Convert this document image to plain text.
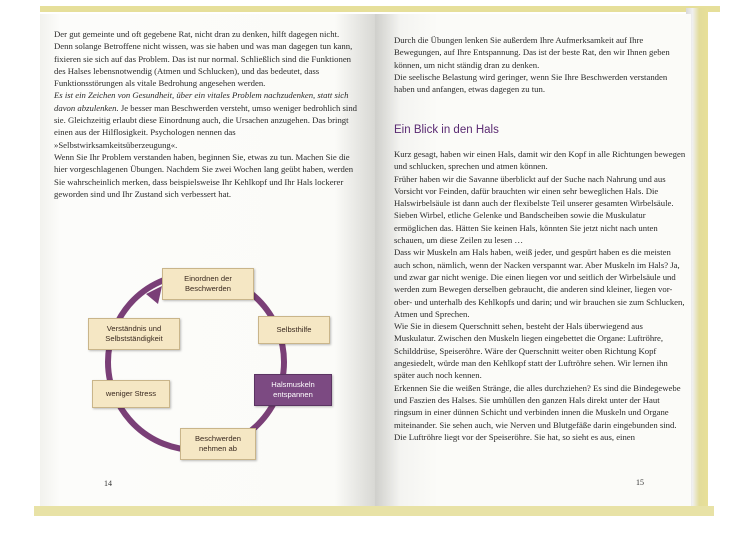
Der gut gemeinte und oft gegebene Rat, nicht dran zu denken, hilft dagegen nicht. Denn solange Betroffene nicht wissen, was sie haben und was man dagegen tun kann, fixieren sie sich auf das Problem. Das ist nur normal. Schließlich sind die Funktionen des Halses lebensnotwendig (Atmen und Schlucken), und das bedeutet, dass Funktionsstörungen als vitale Bedrohung angesehen werden.
Es ist ein Zeichen von Gesundheit, über ein vitales Problem nachzudenken, statt sich davon abzulenken. Je besser man Beschwerden versteht, umso weniger bedrohlich sind sie. Gleichzeitig erlaubt diese Einordnung auch, die Ursachen anzugehen. Das bringt einen aus der Hilflosigkeit. Psychologen nennen das »Selbstwirksamkeitsüberzeugung«.

Wenn Sie Ihr Problem verstanden haben, beginnen Sie, etwas zu tun. Machen Sie die hier vorgeschlagenen Übungen. Nachdem Sie zwei Wochen lang geübt haben, werden Sie wahrscheinlich merken, dass beispielsweise Ihr Kehlkopf und Ihr Hals lockerer geworden sind und Ihr Zustand sich verbessert hat.

Einordnen der Beschwerden
Selbsthilfe
Halsmuskeln entspannen
Beschwerden nehmen ab
weniger Stress
Verständnis und Selbstständigkeit
14

Durch die Übungen lenken Sie außerdem Ihre Aufmerksamkeit auf Ihre Bewegungen, auf Ihre Entspannung. Das ist der beste Rat, den wir Ihnen geben können, um nicht ständig dran zu denken.

Die seelische Belastung wird geringer, wenn Sie Ihre Beschwerden verstanden haben und anfangen, etwas dagegen zu tun.

Ein Blick in den Hals

Kurz gesagt, haben wir einen Hals, damit wir den Kopf in alle Richtungen bewegen und schlucken, sprechen und atmen können.

Früher haben wir die Savanne überblickt auf der Suche nach Nahrung und aus Vorsicht vor Feinden, dafür brauchten wir einen sehr beweglichen Hals. Die Halswirbelsäule ist dann auch der flexibelste Teil unserer gesamten Wirbelsäule. Sieben Wirbel, etliche Gelenke und Bandscheiben sowie die Muskulatur ermöglichen das. Hätten Sie keinen Hals, könnten Sie jetzt nicht nach unten schauen, um diese Zeilen zu lesen …

Dass wir Muskeln am Hals haben, weiß jeder, und gespürt haben es die meisten auch schon, nämlich, wenn der Nacken verspannt war. Aber Muskeln im Hals? Ja, und zwar gar nicht wenige. Die einen liegen vor und seitlich der Wirbelsäule und werden zum Bewegen derselben gebraucht, die anderen sind kleiner, liegen vor-ober- und unterhalb des Kehlkopfs und darin; und wir brauchen sie zum Schlucken, Atmen und Sprechen.

Wie Sie in diesem Querschnitt sehen, besteht der Hals überwiegend aus Muskulatur. Zwischen den Muskeln liegen eingebettet die Organe: Luftröhre, Schilddrüse, Speiseröhre. Wäre der Querschnitt weiter oben Richtung Kopf angesiedelt, würde man den Kehlkopf statt der Luftröhre sehen. Wir lernen ihn später auch noch kennen.

Erkennen Sie die weißen Stränge, die alles durchziehen? Es sind die Bindegewebe und Faszien des Halses. Sie umhüllen den ganzen Hals direkt unter der Haut ringsum in einer dünnen Schicht und verbinden innen die Muskeln und Organe miteinander. Sie sehen auch, wie Nerven und Blutgefäße darin eingebunden sind.

Die Luftröhre liegt vor der Speiseröhre. Sie hat, so sieht es aus, einen

15
